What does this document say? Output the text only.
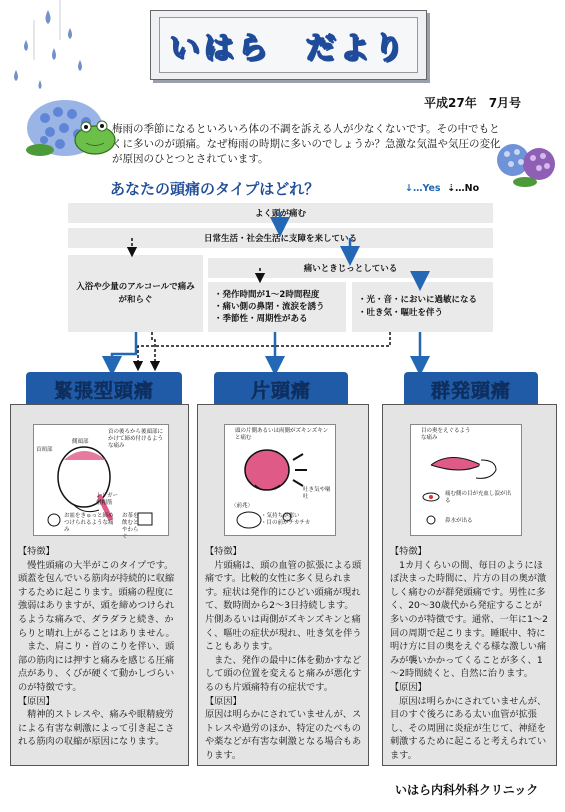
いはら　だより
平成27年　7月号
梅雨の季節になるといろいろ体の不調を訴える人が少なくないです。その中でもとくに多いのが頭痛。なぜ梅雨の時期に多いのでしょうか？急激な気温や気圧の変化が原因のひとつとされています。
あなたの頭痛のタイプはどれ？	↓…Yes ⇣…No
よく頭が痛む
日常生活・社会生活に支障を来している
痛いときじっとしている
入浴や少量のアルコールで痛みが和らぐ	・発作時間が1～2時間程度
・痛い側の鼻閉・流涙を誘う
・季節性・周期性がある
・光・音・においに過敏になる
・吐き気・嘔吐を伴う
緊張型頭痛
首の後ろから後頭部にかけて締め付けるような痛み
側頭部
首頸部
トリガー
僧帽筋
お皿をきゅっと締めつけられるような痛み
お茶を飲むとやわらぐ

【特徴】

　慢性頭痛の大半がこのタイプです。頭蓋を包んでいる筋肉が持続的に収縮するために起こります。頭痛の程度に強弱はありますが、頭を締めつけられるような痛みで、ダラダラと続き、からりと晴れ上がることはありません。

　また、肩こり・首のこりを伴い、頭部の筋肉には押すと痛みを感じる圧痛点があり、くびが硬くて動かしづらいのが特徴です。

【原因】

　精神的ストレスや、痛みや眼精疲労による有害な刺激によって引き起こされる筋肉の収縮が原因になります。

片頭痛
頭の片側あるいは両側がズキンズキンと痛む
吐き気や嘔吐
〈前兆〉
・気持ちが悪い
・目の前がチカチカ

【特徴】

　片頭痛は、頭の血管の拡張による頭痛です。比較的女性に多く見られます。症状は発作的にひどい頭痛が現れて、数時間から2～3日持続します。片側あるいは両側がズキンズキンと痛く、嘔吐の症状が現れ、吐き気を伴うこともあります。

　また、発作の最中に体を動かすなどして頭の位置を変えると痛みが悪化するのも片頭痛特有の症状です。

【原因】

原因は明らかにされていませんが、ストレスや過労のほか、特定のたべものや薬などが有害な刺激となる場合もあります。

群発頭痛
目の奥をえぐるような痛み
痛む側の目が充血し涙が出る
鼻水が出る

【特徴】

　1カ月くらいの間、毎日のようにほぼ決まった時間に、片方の目の奥が激しく痛むのが群発頭痛です。男性に多く、20～30歳代から発症することが多いのが特徴です。通常、一年に1～2回の周期で起こります。睡眠中、特に明け方に目の奥をえぐる様な激しい痛みが襲いかかってくることが多く、1～2時間続くと、自然に治ります。

【原因】

　原因は明らかにされていませんが、目のすぐ後ろにある太い血管が拡張し、その周囲に炎症が生じて、神経を刺激するために起こると考えられています。

いはら内科外科クリニック
